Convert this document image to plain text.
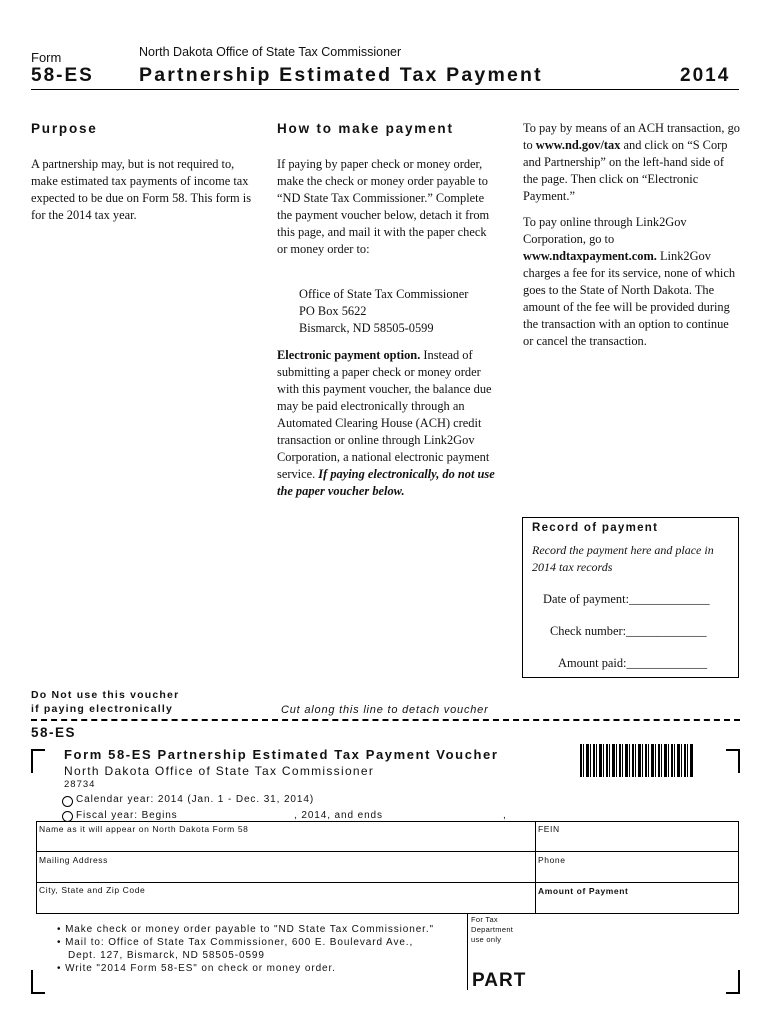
Form
58-ES
North Dakota Office of State Tax Commissioner
Partnership Estimated Tax Payment	2014
Purpose

A partnership may, but is not required to, make estimated tax payments of income tax expected to be due on Form 58. This form is for the 2014 tax year.

How to make payment

If paying by paper check or money order, make the check or money order payable to “ND State Tax Commissioner.” Complete the payment voucher below, detach it from this page, and mail it with the paper check or money order to:

Office of State Tax Commissioner
PO Box 5622
Bismarck, ND 58505-0599

Electronic payment option. Instead of submitting a paper check or money order with this payment voucher, the balance due may be paid electronically through an Automated Clearing House (ACH) credit transaction or online through Link2Gov Corporation, a national electronic payment service. If paying electronically, do not use the paper voucher below.

To pay by means of an ACH transaction, go to www.nd.gov/tax and click on “S Corp and Partnership” on the left-hand side of the page. Then click on “Electronic Payment.”

To pay online through Link2Gov Corporation, go to www.ndtaxpayment.com. Link2Gov charges a fee for its service, none of which goes to the State of North Dakota. The amount of the fee will be provided during the transaction with an option to continue or cancel the transaction.

Record of payment
Record the payment here and place in 2014 tax records
Date of payment:_____________
Check number:_____________
Amount paid:_____________
Do Not use this voucher
if paying electronically	Cut along this line to detach voucher
58-ES
Form 58-ES Partnership Estimated Tax Payment Voucher
North Dakota Office of State Tax Commissioner
28734
Calendar year: 2014 (Jan. 1 - Dec. 31, 2014)
Fiscal year: Begins	, 2014, and ends	,
Name as it will appear on North Dakota Form 58	FEIN
Mailing Address	Phone
City, State and Zip Code	Amount of Payment

• Make check or money order payable to "ND State Tax Commissioner."

• Mail to: Office of State Tax Commissioner, 600 E. Boulevard Ave.,

Dept. 127, Bismarck, ND 58505-0599

• Write "2014 Form 58-ES" on check or money order.

For Tax
Department
use only
PART
